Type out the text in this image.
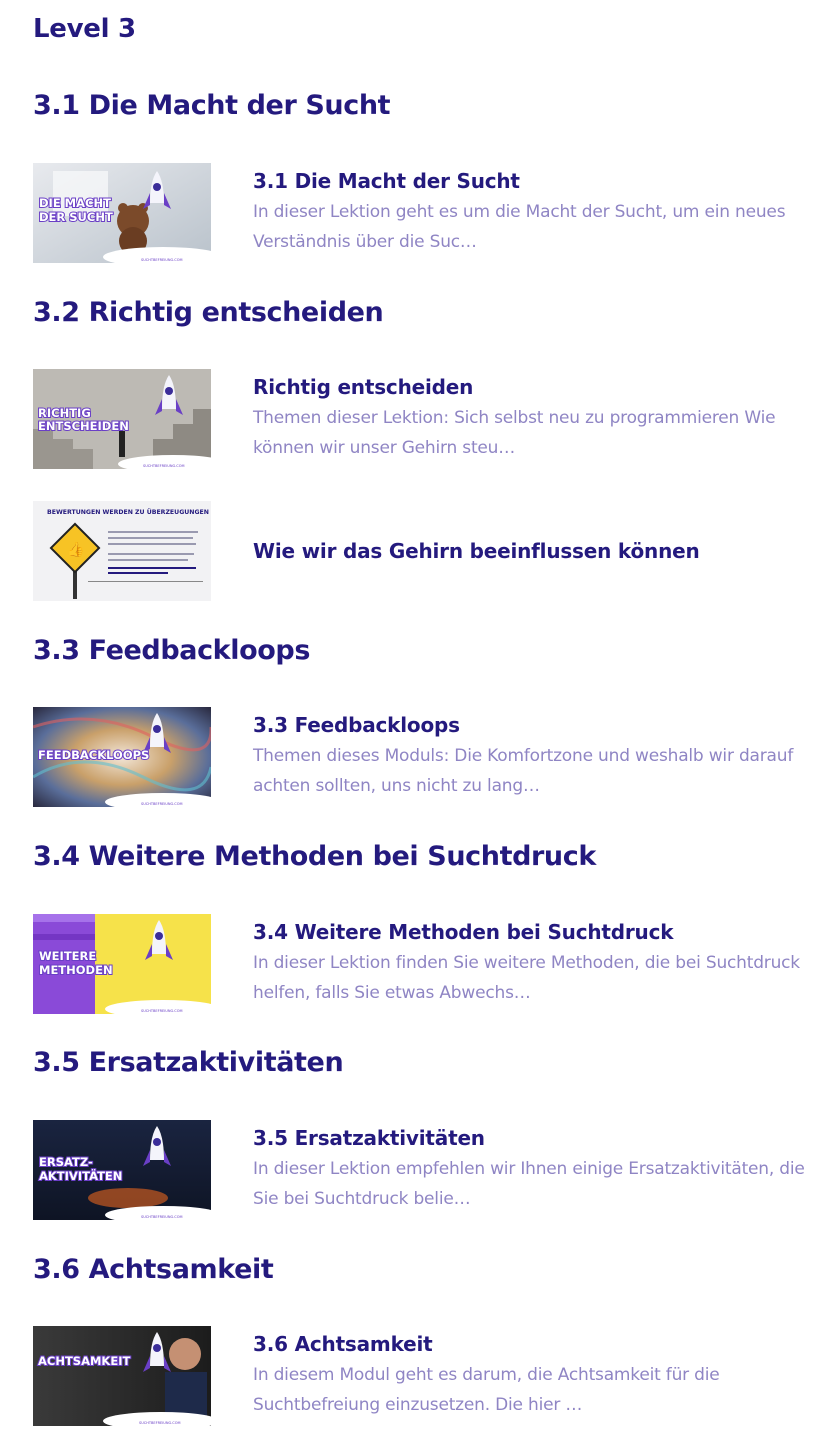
Level 3
3.1 Die Macht der Sucht
DIE MACHT
DER SUCHT
SUCHTBEFREIUNG.COM

3.1 Die Macht der Sucht

In dieser Lektion geht es um die Macht der Sucht, um ein neues Verständnis über die Suc…

3.2 Richtig entscheiden
RICHTIG
ENTSCHEIDEN
SUCHTBEFREIUNG.COM

Richtig entscheiden

Themen dieser Lektion: Sich selbst neu zu programmieren Wie können wir unser Gehirn steu…

BEWERTUNGEN WERDEN ZU ÜBERZEUGUNGEN
👍	Wie wir das Gehirn beeinflussen können

3.3 Feedbackloops
FEEDBACKLOOPS
SUCHTBEFREIUNG.COM

3.3 Feedbackloops

Themen dieses Moduls: Die Komfortzone und weshalb wir darauf achten sollten, uns nicht zu lang…

3.4 Weitere Methoden bei Suchtdruck
WEITERE
METHODEN
SUCHTBEFREIUNG.COM

3.4 Weitere Methoden bei Suchtdruck

In dieser Lektion finden Sie weitere Methoden, die bei Suchtdruck helfen, falls Sie etwas Abwechs…

3.5 Ersatzaktivitäten
ERSATZ-
AKTIVITÄTEN
SUCHTBEFREIUNG.COM

3.5 Ersatzaktivitäten

In dieser Lektion empfehlen wir Ihnen einige Ersatzaktivitäten, die Sie bei Suchtdruck belie…

3.6 Achtsamkeit
ACHTSAMKEIT
SUCHTBEFREIUNG.COM

3.6 Achtsamkeit

In diesem Modul geht es darum, die Achtsamkeit für die Suchtbefreiung einzusetzen. Die hier …
